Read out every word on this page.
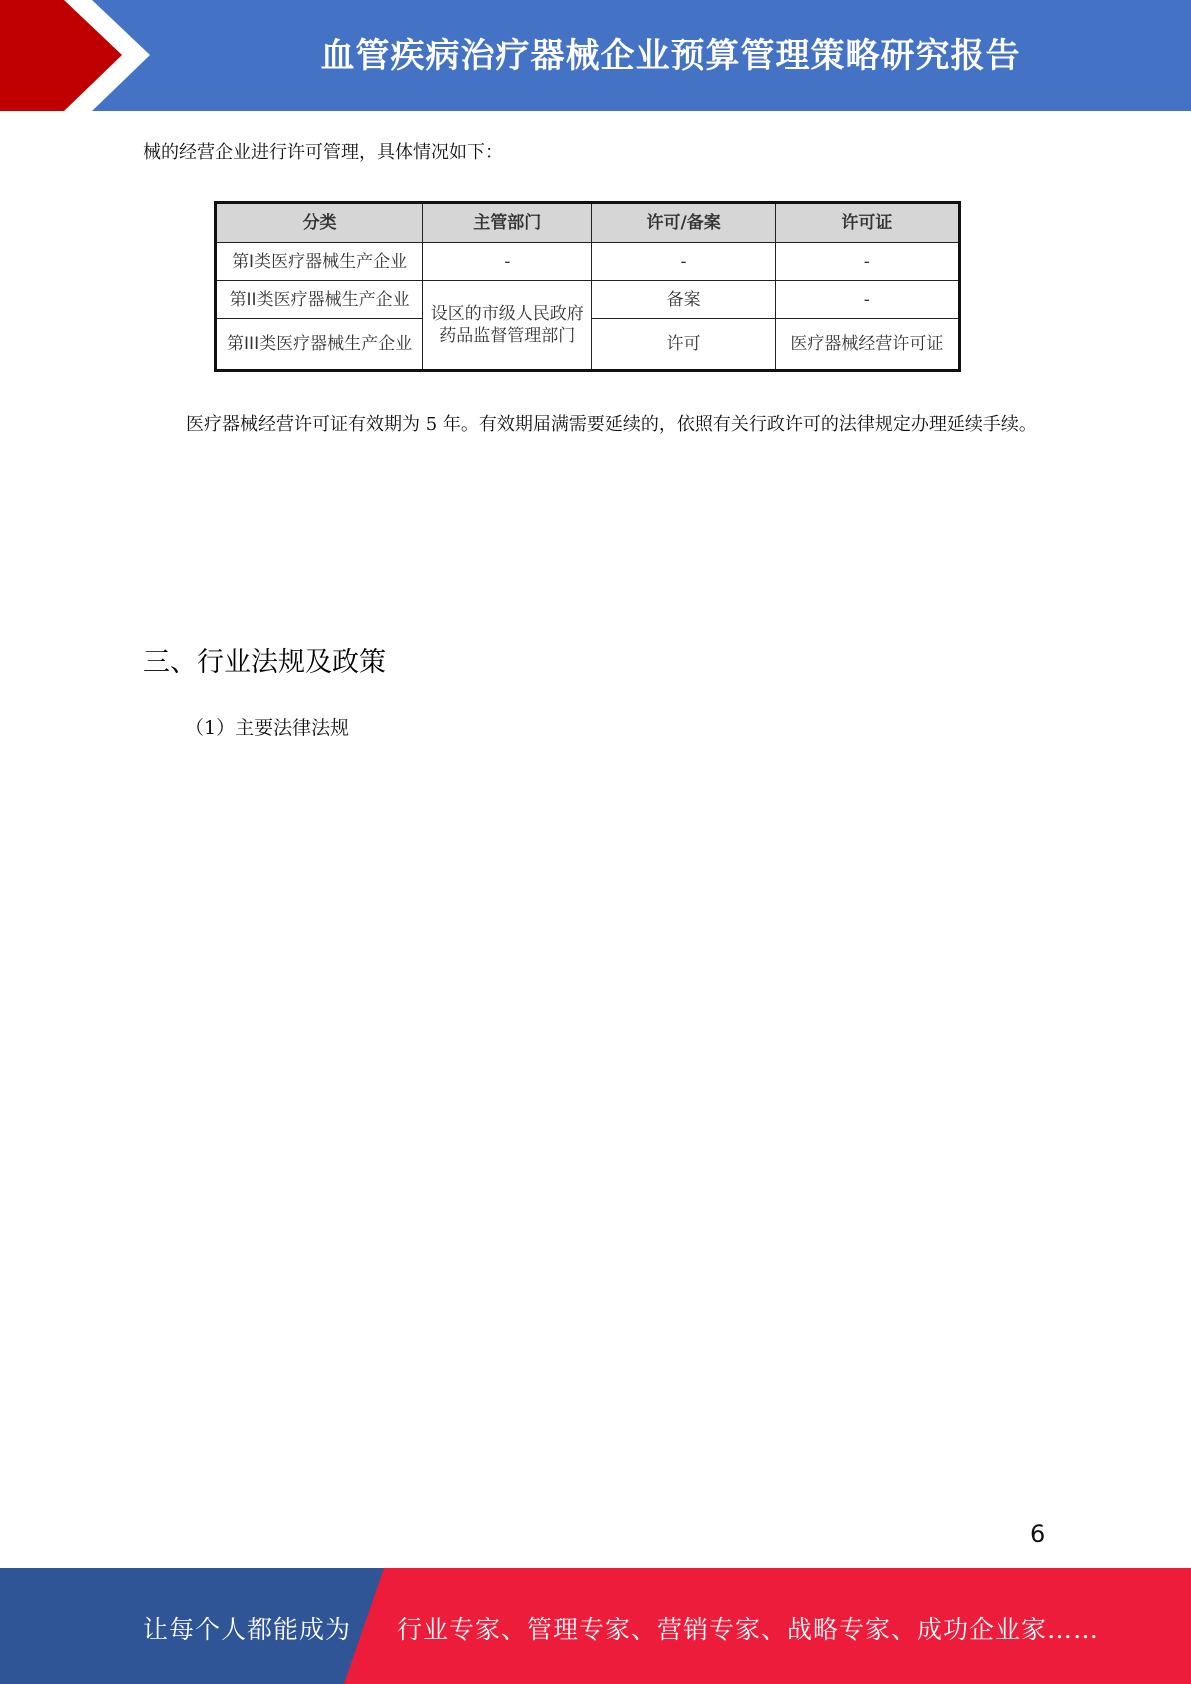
血管疾病治疗器械企业预算管理策略研究报告
械的经营企业进行许可管理，具体情况如下：
分类	主管部门	许可/备案	许可证
第I类医疗器械生产企业	-	-	-
第II类医疗器械生产企业	设区的市级人民政府药品监督管理部门	备案	-
第III类医疗器械生产企业		许可	医疗器械经营许可证
医疗器械经营许可证有效期为 5 年。有效期届满需要延续的，依照有关行政许可的法律规定办理延续手续。
三、行业法规及政策
（1）主要法律法规
6
让每个人都能成为 行业专家、管理专家、营销专家、战略专家、成功企业家……
